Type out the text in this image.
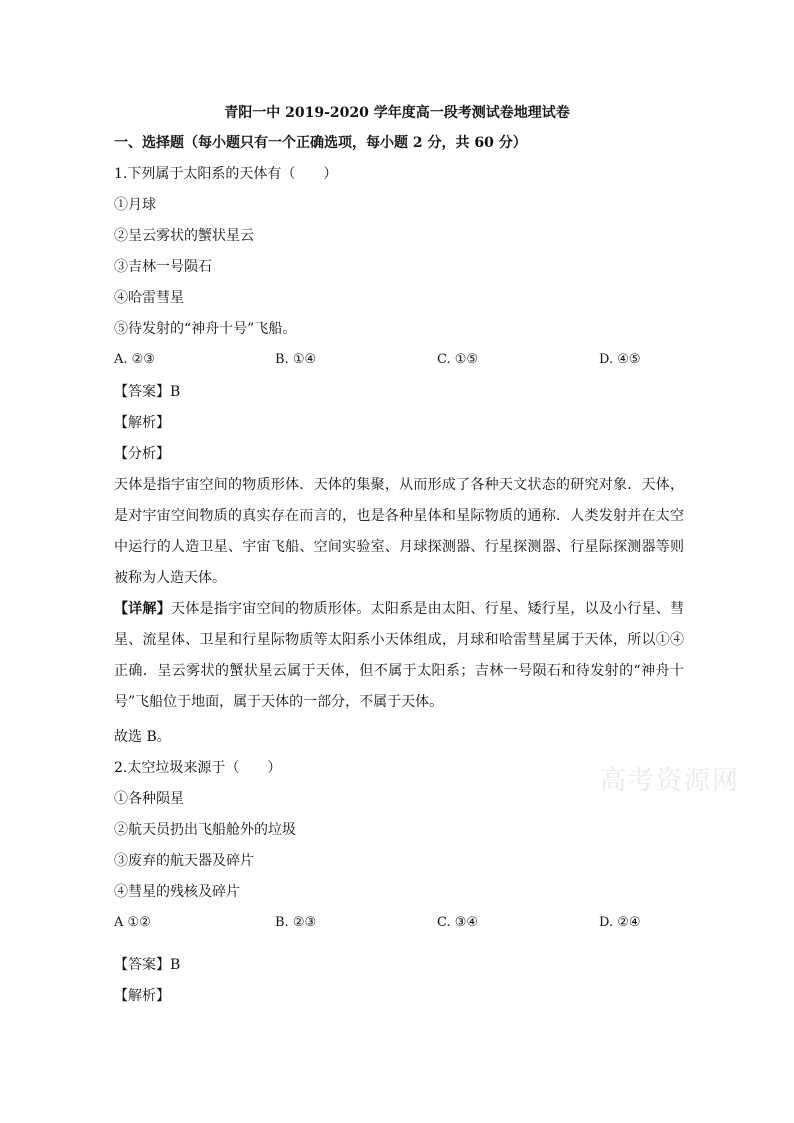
青阳一中 2019-2020 学年度高一段考测试卷地理试卷
一、选择题（每小题只有一个正确选项，每小题 2 分，共 60 分）
1.下列属于太阳系的天体有（　　）
①月球
②呈云雾状的蟹状星云
③吉林一号陨石
④哈雷彗星
⑤待发射的“神舟十号”飞船。
A. ②③	B. ①④	C. ①⑤	D. ④⑤
【答案】B
【解析】
【分析】
天体是指宇宙空间的物质形体．天体的集聚，从而形成了各种天文状态的研究对象．天体，是对宇宙空间物质的真实存在而言的，也是各种星体和星际物质的通称．人类发射并在太空中运行的人造卫星、宇宙飞船、空间实验室、月球探测器、行星探测器、行星际探测器等则被称为人造天体。
【详解】天体是指宇宙空间的物质形体。太阳系是由太阳、行星、矮行星，以及小行星、彗星、流星体、卫星和行星际物质等太阳系小天体组成，月球和哈雷彗星属于天体，所以①④正确．呈云雾状的蟹状星云属于天体，但不属于太阳系；吉林一号陨石和待发射的“神舟十号”飞船位于地面，属于天体的一部分，不属于天体。
故选 B。
2.太空垃圾来源于（　　）
①各种陨星
②航天员扔出飞船舱外的垃圾
③废弃的航天器及碎片
④彗星的残核及碎片
A ①②	B. ②③	C. ③④	D. ②④
【答案】B
【解析】
高考资源网
